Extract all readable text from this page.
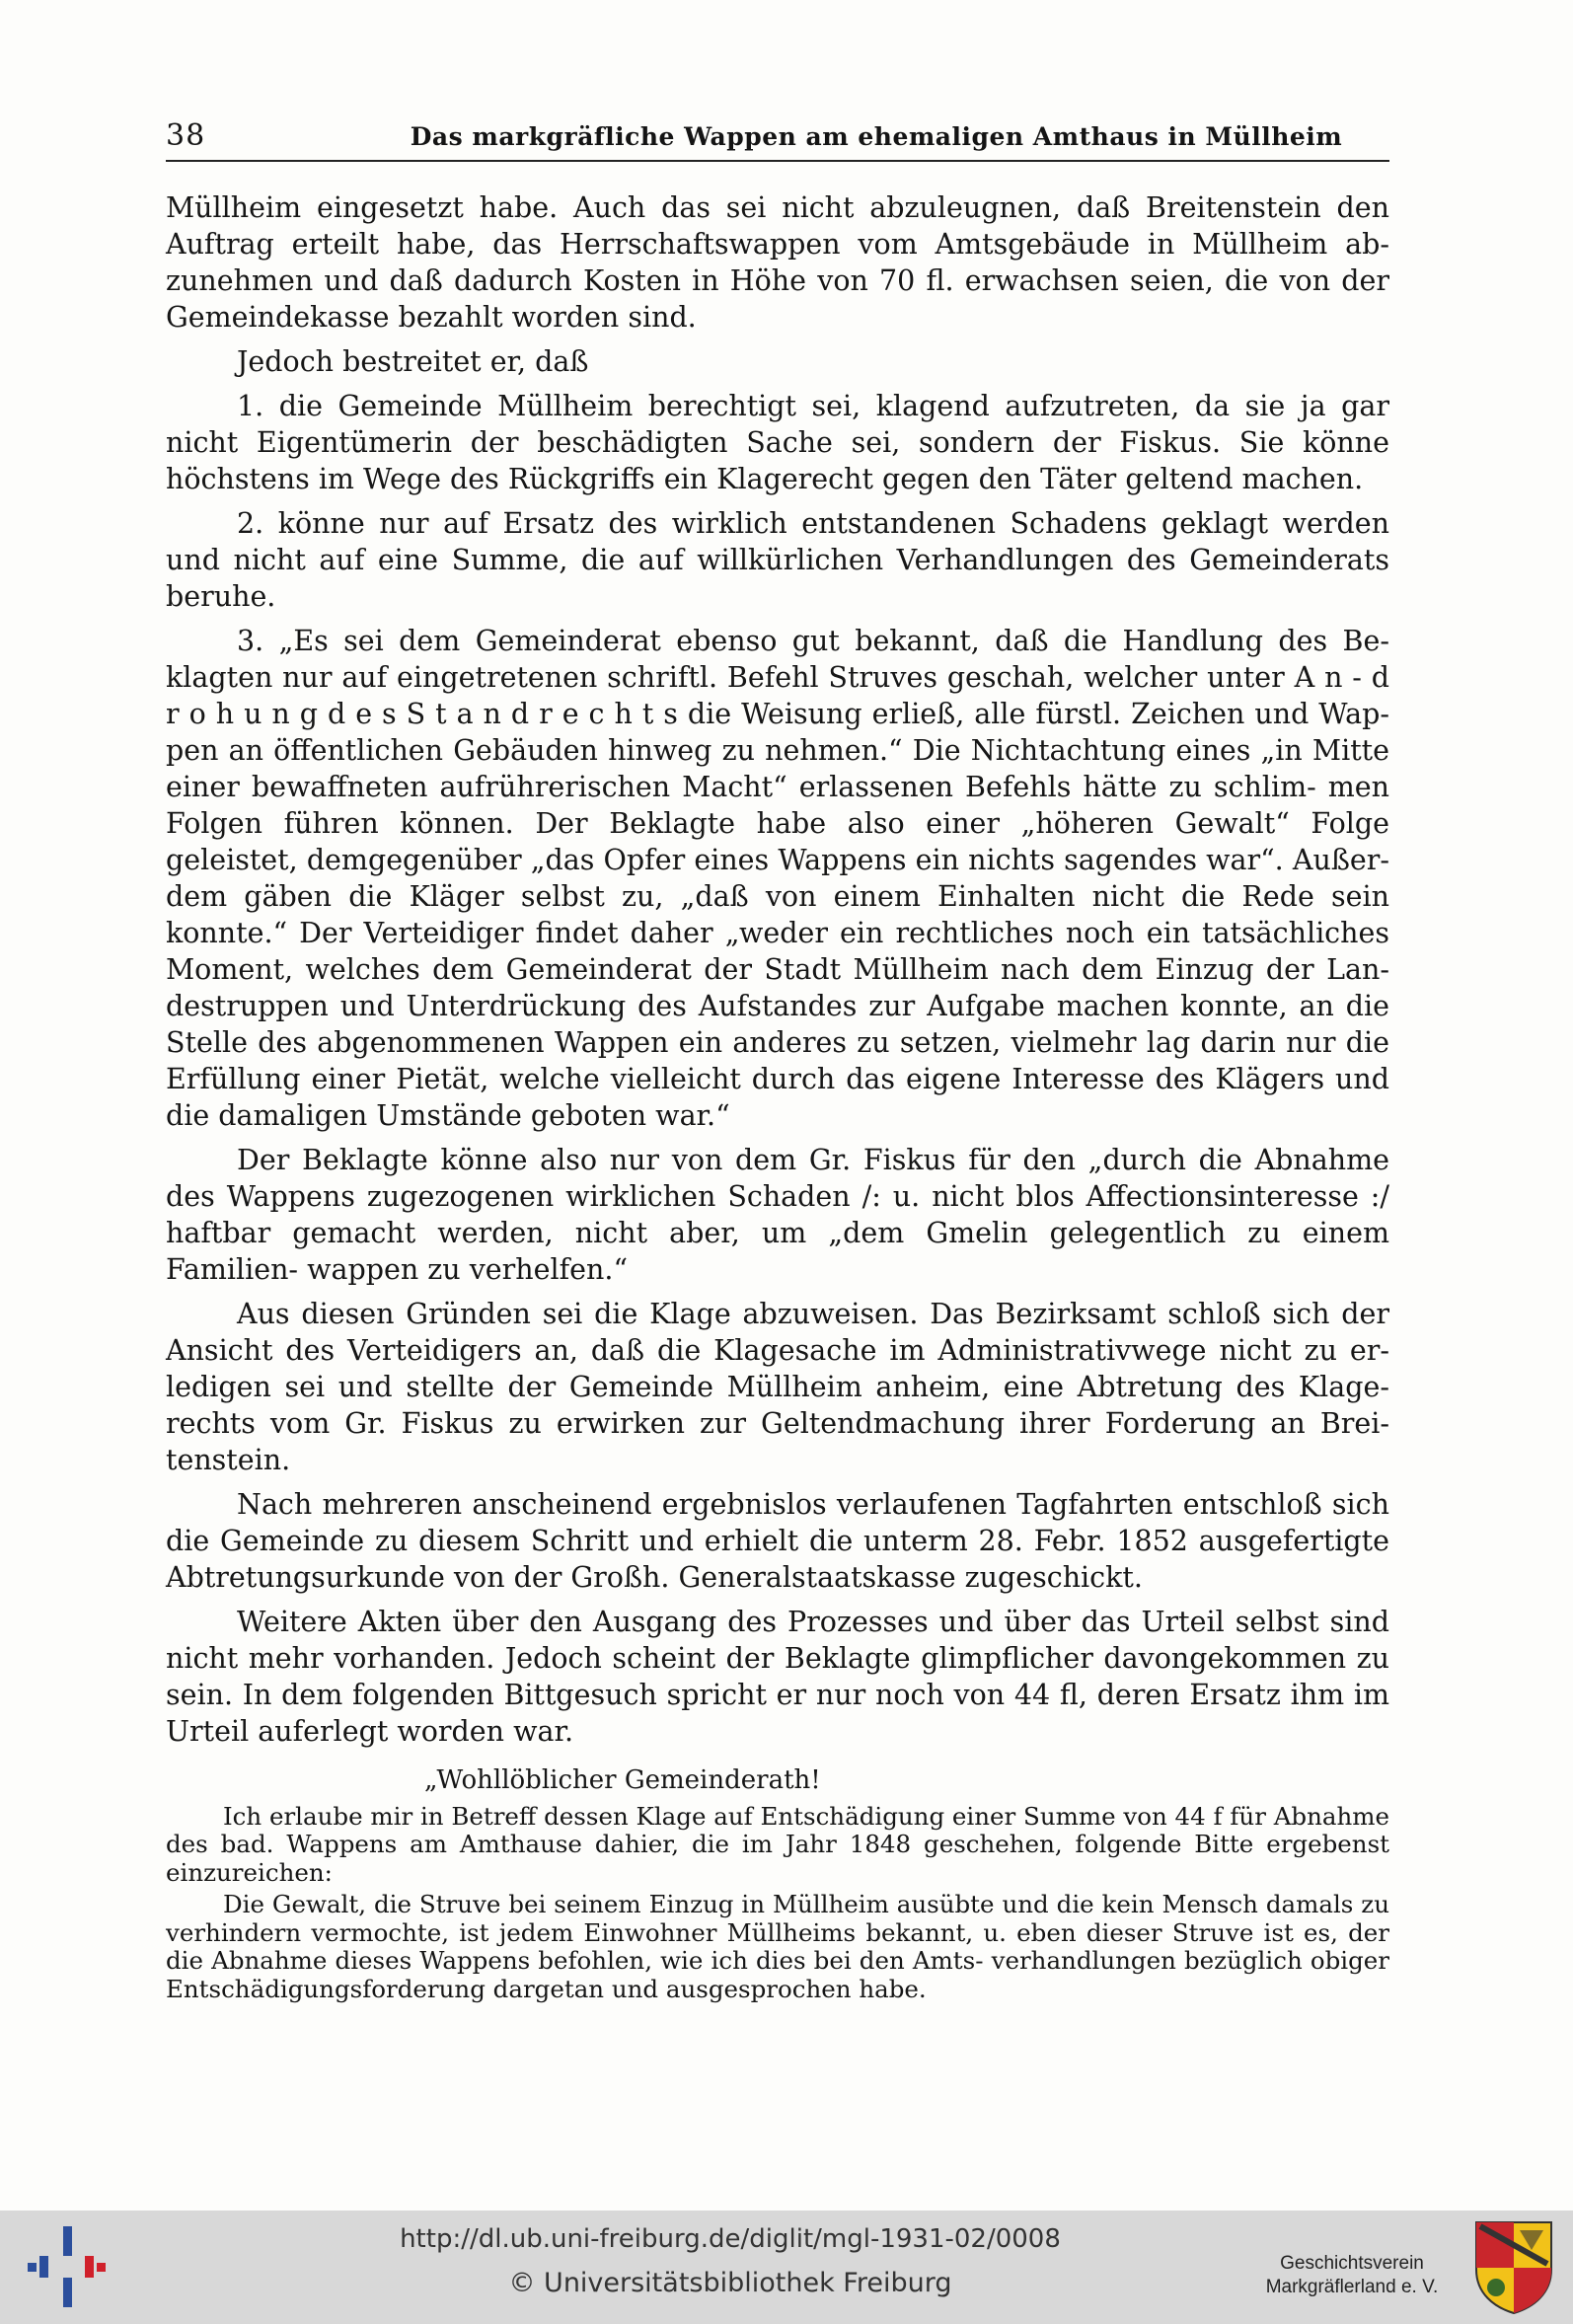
38	Das markgräfliche Wappen am ehemaligen Amthaus in Müllheim

Müllheim eingesetzt habe. Auch das sei nicht abzuleugnen, daß Breitenstein den Auftrag erteilt habe, das Herrschaftswappen vom Amtsgebäude in Müllheim ab- zunehmen und daß dadurch Kosten in Höhe von 70 fl. erwachsen seien, die von der Gemeindekasse bezahlt worden sind.

Jedoch bestreitet er, daß

1. die Gemeinde Müllheim berechtigt sei, klagend aufzutreten, da sie ja gar nicht Eigentümerin der beschädigten Sache sei, sondern der Fiskus. Sie könne höchstens im Wege des Rückgriffs ein Klagerecht gegen den Täter geltend machen.

2. könne nur auf Ersatz des wirklich entstandenen Schadens geklagt werden und nicht auf eine Summe, die auf willkürlichen Verhandlungen des Gemeinderats beruhe.

3. „Es sei dem Gemeinderat ebenso gut bekannt, daß die Handlung des Be- klagten nur auf eingetretenen schriftl. Befehl Struves geschah, welcher unter A n - d r o h u n g d e s S t a n d r e c h t s die Weisung erließ, alle fürstl. Zeichen und Wap- pen an öffentlichen Gebäuden hinweg zu nehmen.“ Die Nichtachtung eines „in Mitte einer bewaffneten aufrührerischen Macht“ erlassenen Befehls hätte zu schlim- men Folgen führen können. Der Beklagte habe also einer „höheren Gewalt“ Folge geleistet, demgegenüber „das Opfer eines Wappens ein nichts sagendes war“. Außer- dem gäben die Kläger selbst zu, „daß von einem Einhalten nicht die Rede sein konnte.“ Der Verteidiger findet daher „weder ein rechtliches noch ein tatsächliches Moment, welches dem Gemeinderat der Stadt Müllheim nach dem Einzug der Lan- destruppen und Unterdrückung des Aufstandes zur Aufgabe machen konnte, an die Stelle des abgenommenen Wappen ein anderes zu setzen, vielmehr lag darin nur die Erfüllung einer Pietät, welche vielleicht durch das eigene Interesse des Klägers und die damaligen Umstände geboten war.“

Der Beklagte könne also nur von dem Gr. Fiskus für den „durch die Abnahme des Wappens zugezogenen wirklichen Schaden /: u. nicht blos Affectionsinteresse :/ haftbar gemacht werden, nicht aber, um „dem Gmelin gelegentlich zu einem Familien- wappen zu verhelfen.“

Aus diesen Gründen sei die Klage abzuweisen. Das Bezirksamt schloß sich der Ansicht des Verteidigers an, daß die Klagesache im Administrativwege nicht zu er- ledigen sei und stellte der Gemeinde Müllheim anheim, eine Abtretung des Klage- rechts vom Gr. Fiskus zu erwirken zur Geltendmachung ihrer Forderung an Brei- tenstein.

Nach mehreren anscheinend ergebnislos verlaufenen Tagfahrten entschloß sich die Gemeinde zu diesem Schritt und erhielt die unterm 28. Febr. 1852 ausgefertigte Abtretungsurkunde von der Großh. Generalstaatskasse zugeschickt.

Weitere Akten über den Ausgang des Prozesses und über das Urteil selbst sind nicht mehr vorhanden. Jedoch scheint der Beklagte glimpflicher davongekommen zu sein. In dem folgenden Bittgesuch spricht er nur noch von 44 fl, deren Ersatz ihm im Urteil auferlegt worden war.

„Wohllöblicher Gemeinderath!

Ich erlaube mir in Betreff dessen Klage auf Entschädigung einer Summe von 44 f für Abnahme des bad. Wappens am Amthause dahier, die im Jahr 1848 geschehen, folgende Bitte ergebenst einzureichen:

Die Gewalt, die Struve bei seinem Einzug in Müllheim ausübte und die kein Mensch damals zu verhindern vermochte, ist jedem Einwohner Müllheims bekannt, u. eben dieser Struve ist es, der die Abnahme dieses Wappens befohlen, wie ich dies bei den Amts- verhandlungen bezüglich obiger Entschädigungsforderung dargetan und ausgesprochen habe.

http://dl.ub.uni-freiburg.de/diglit/mgl-1931-02/0008
© Universitätsbibliothek Freiburg
Geschichtsverein
Markgräflerland e. V.
